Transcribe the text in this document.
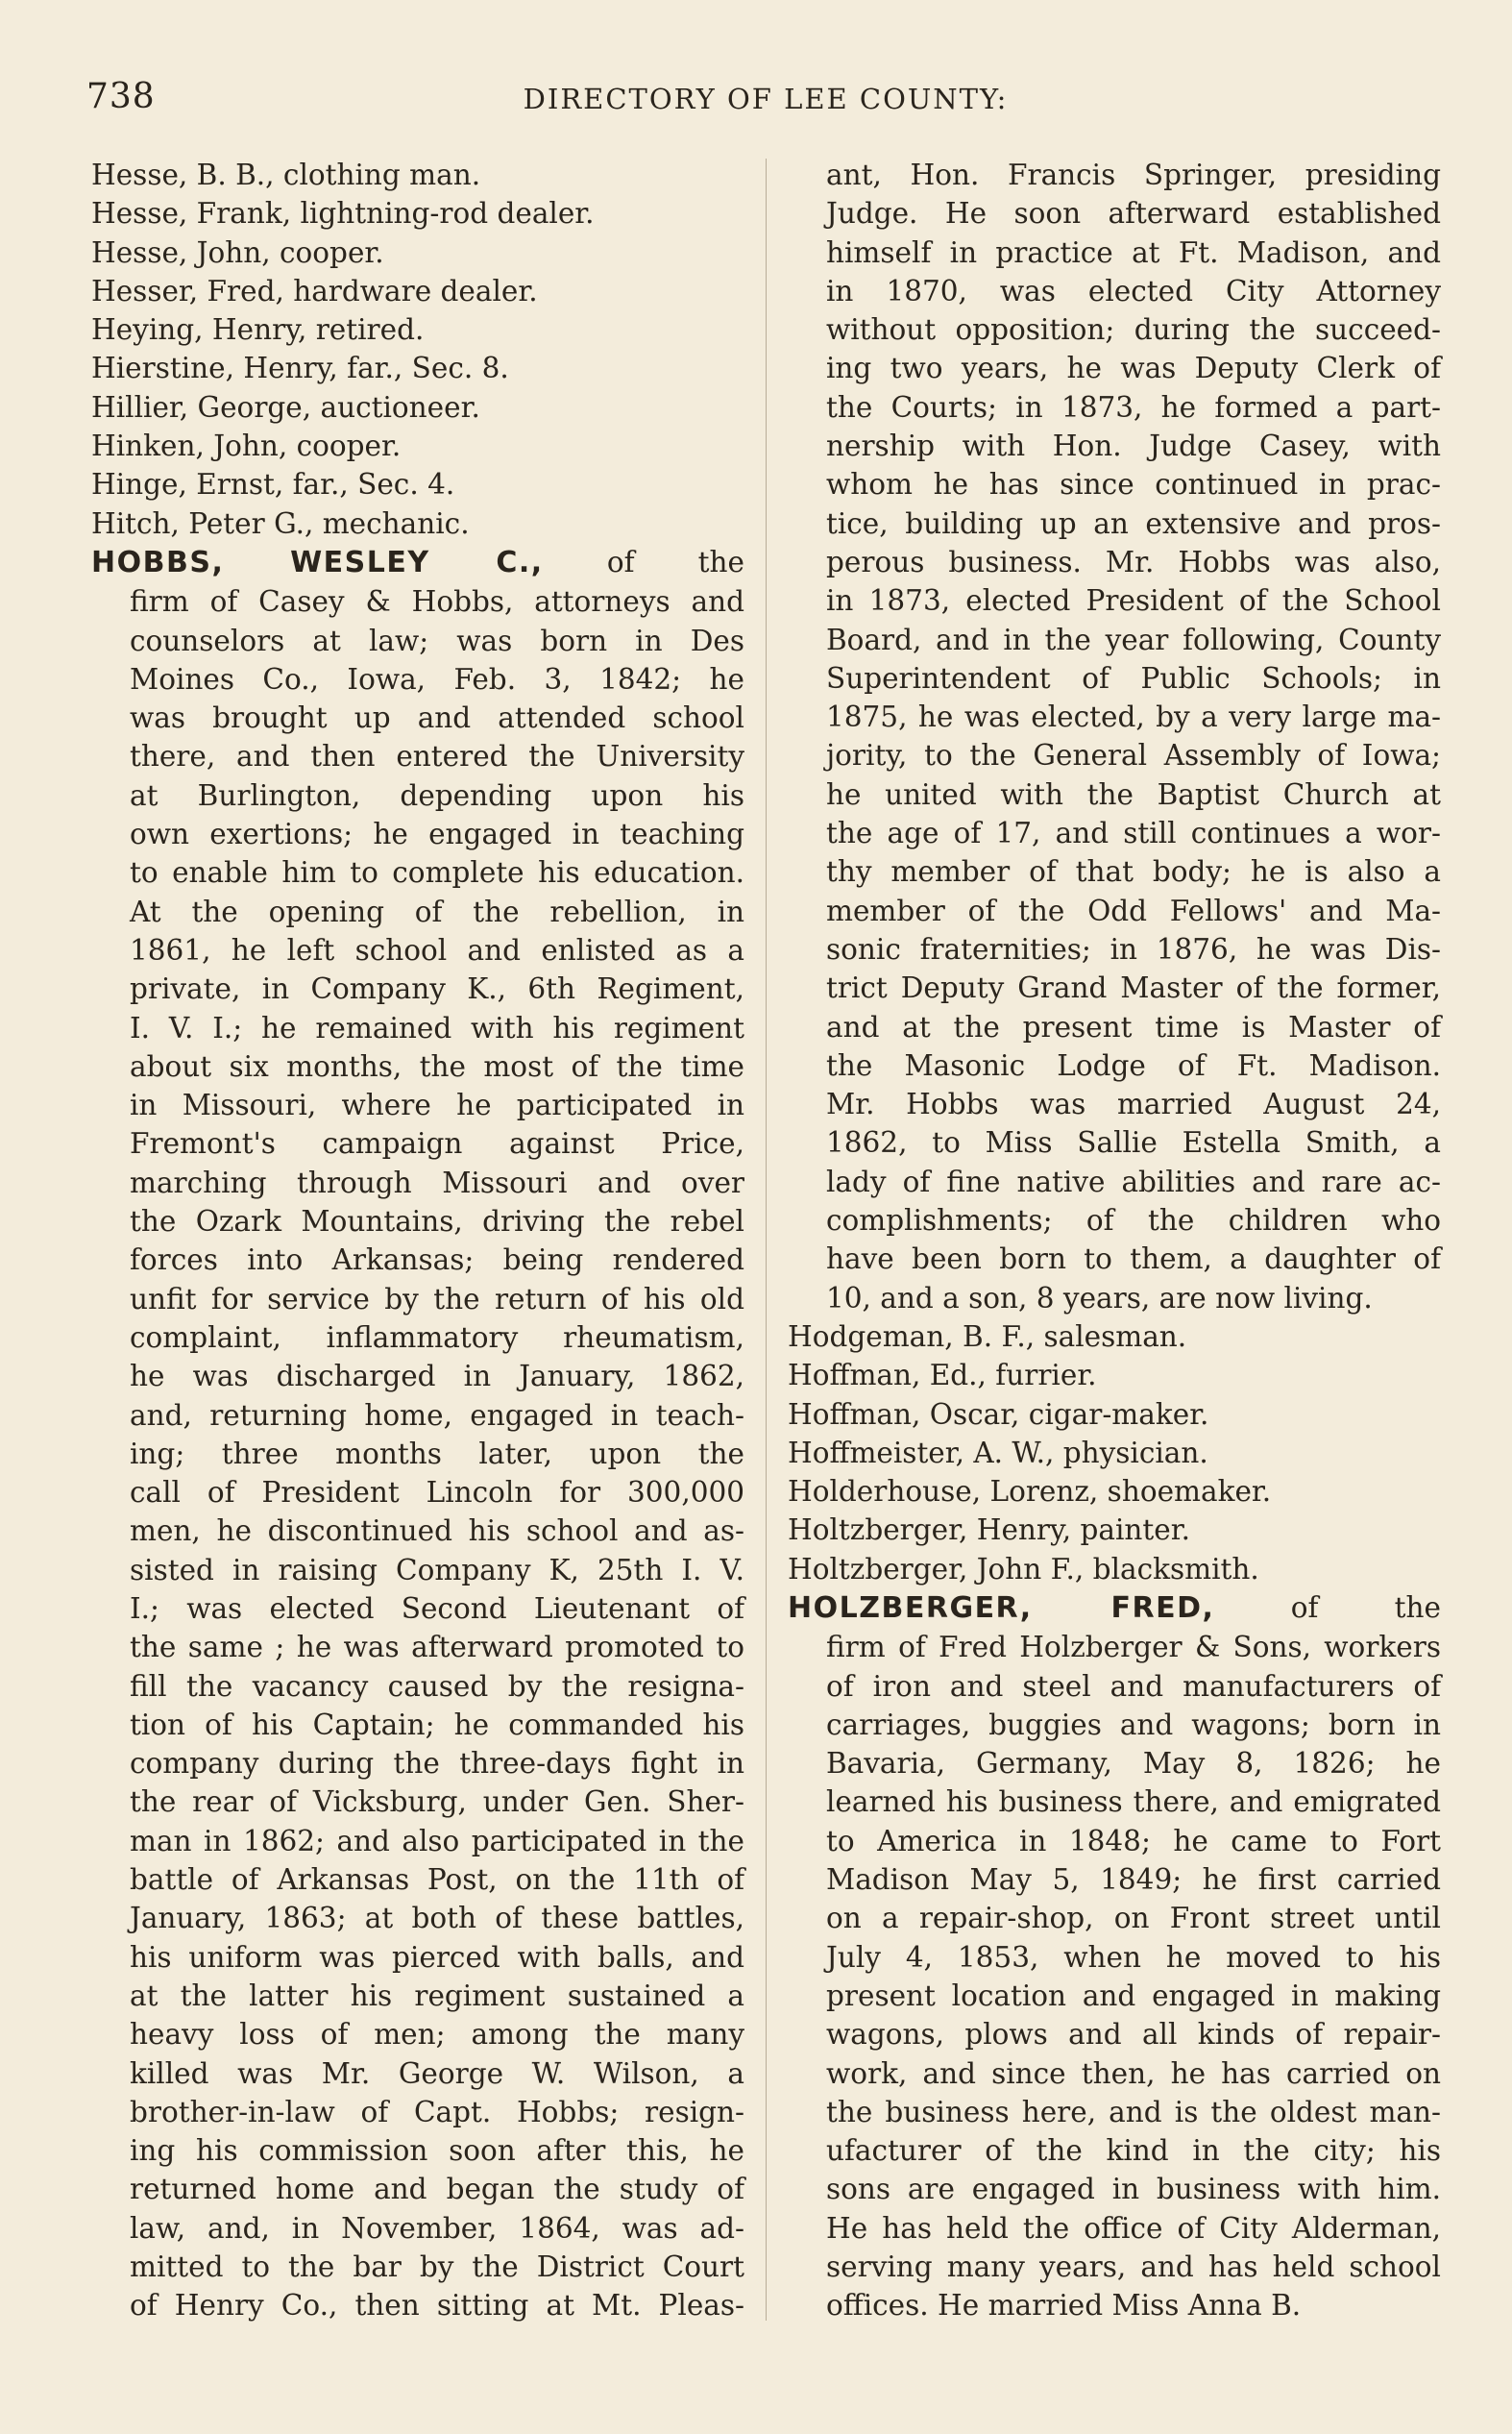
738	DIRECTORY OF LEE COUNTY:

Hesse, B. B., clothing man.

Hesse, Frank, lightning-rod dealer.

Hesse, John, cooper.

Hesser, Fred, hardware dealer.

Heying, Henry, retired.

Hierstine, Henry, far., Sec. 8.

Hillier, George, auctioneer.

Hinken, John, cooper.

Hinge, Ernst, far., Sec. 4.

Hitch, Peter G., mechanic.

HOBBS, WESLEY C., of the
firm of Casey & Hobbs, attorneys and
counselors at law; was born in Des
Moines Co., Iowa, Feb. 3, 1842; he
was brought up and attended school
there, and then entered the University
at Burlington, depending upon his
own exertions; he engaged in teaching
to enable him to complete his education.
At the opening of the rebellion, in
1861, he left school and enlisted as a
private, in Company K., 6th Regiment,
I. V. I.; he remained with his regiment
about six months, the most of the time
in Missouri, where he participated in
Fremont's campaign against Price,
marching through Missouri and over
the Ozark Mountains, driving the rebel
forces into Arkansas; being rendered
unfit for service by the return of his old
complaint, inflammatory rheumatism,
he was discharged in January, 1862,
and, returning home, engaged in teach-
ing; three months later, upon the
call of President Lincoln for 300,000
men, he discontinued his school and as-
sisted in raising Company K, 25th I. V.
I.; was elected Second Lieutenant of
the same ; he was afterward promoted to
fill the vacancy caused by the resigna-
tion of his Captain; he commanded his
company during the three-days fight in
the rear of Vicksburg, under Gen. Sher-
man in 1862; and also participated in the
battle of Arkansas Post, on the 11th of
January, 1863; at both of these battles,
his uniform was pierced with balls, and
at the latter his regiment sustained a
heavy loss of men; among the many
killed was Mr. George W. Wilson, a
brother-in-law of Capt. Hobbs; resign-
ing his commission soon after this, he
returned home and began the study of
law, and, in November, 1864, was ad-
mitted to the bar by the District Court
of Henry Co., then sitting at Mt. Pleas-
ant, Hon. Francis Springer, presiding
Judge. He soon afterward established
himself in practice at Ft. Madison, and
in 1870, was elected City Attorney
without opposition; during the succeed-
ing two years, he was Deputy Clerk of
the Courts; in 1873, he formed a part-
nership with Hon. Judge Casey, with
whom he has since continued in prac-
tice, building up an extensive and pros-
perous business. Mr. Hobbs was also,
in 1873, elected President of the School
Board, and in the year following, County
Superintendent of Public Schools; in
1875, he was elected, by a very large ma-
jority, to the General Assembly of Iowa;
he united with the Baptist Church at
the age of 17, and still continues a wor-
thy member of that body; he is also a
member of the Odd Fellows' and Ma-
sonic fraternities; in 1876, he was Dis-
trict Deputy Grand Master of the former,
and at the present time is Master of
the Masonic Lodge of Ft. Madison.
Mr. Hobbs was married August 24,
1862, to Miss Sallie Estella Smith, a
lady of fine native abilities and rare ac-
complishments; of the children who
have been born to them, a daughter of
10, and a son, 8 years, are now living.

Hodgeman, B. F., salesman.

Hoffman, Ed., furrier.

Hoffman, Oscar, cigar-maker.

Hoffmeister, A. W., physician.

Holderhouse, Lorenz, shoemaker.

Holtzberger, Henry, painter.

Holtzberger, John F., blacksmith.

HOLZBERGER, FRED,	of the
firm of Fred Holzberger & Sons, workers
of iron and steel and manufacturers of
carriages, buggies and wagons; born in
Bavaria, Germany, May 8, 1826; he
learned his business there, and emigrated
to America in 1848; he came to Fort
Madison May 5, 1849; he first carried
on a repair-shop, on Front street until
July 4, 1853, when he moved to his
present location and engaged in making
wagons, plows and all kinds of repair-
work, and since then, he has carried on
the business here, and is the oldest man-
ufacturer of the kind in the city; his
sons are engaged in business with him.
He has held the office of City Alderman,
serving many years, and has held school
offices. He married Miss Anna B.
